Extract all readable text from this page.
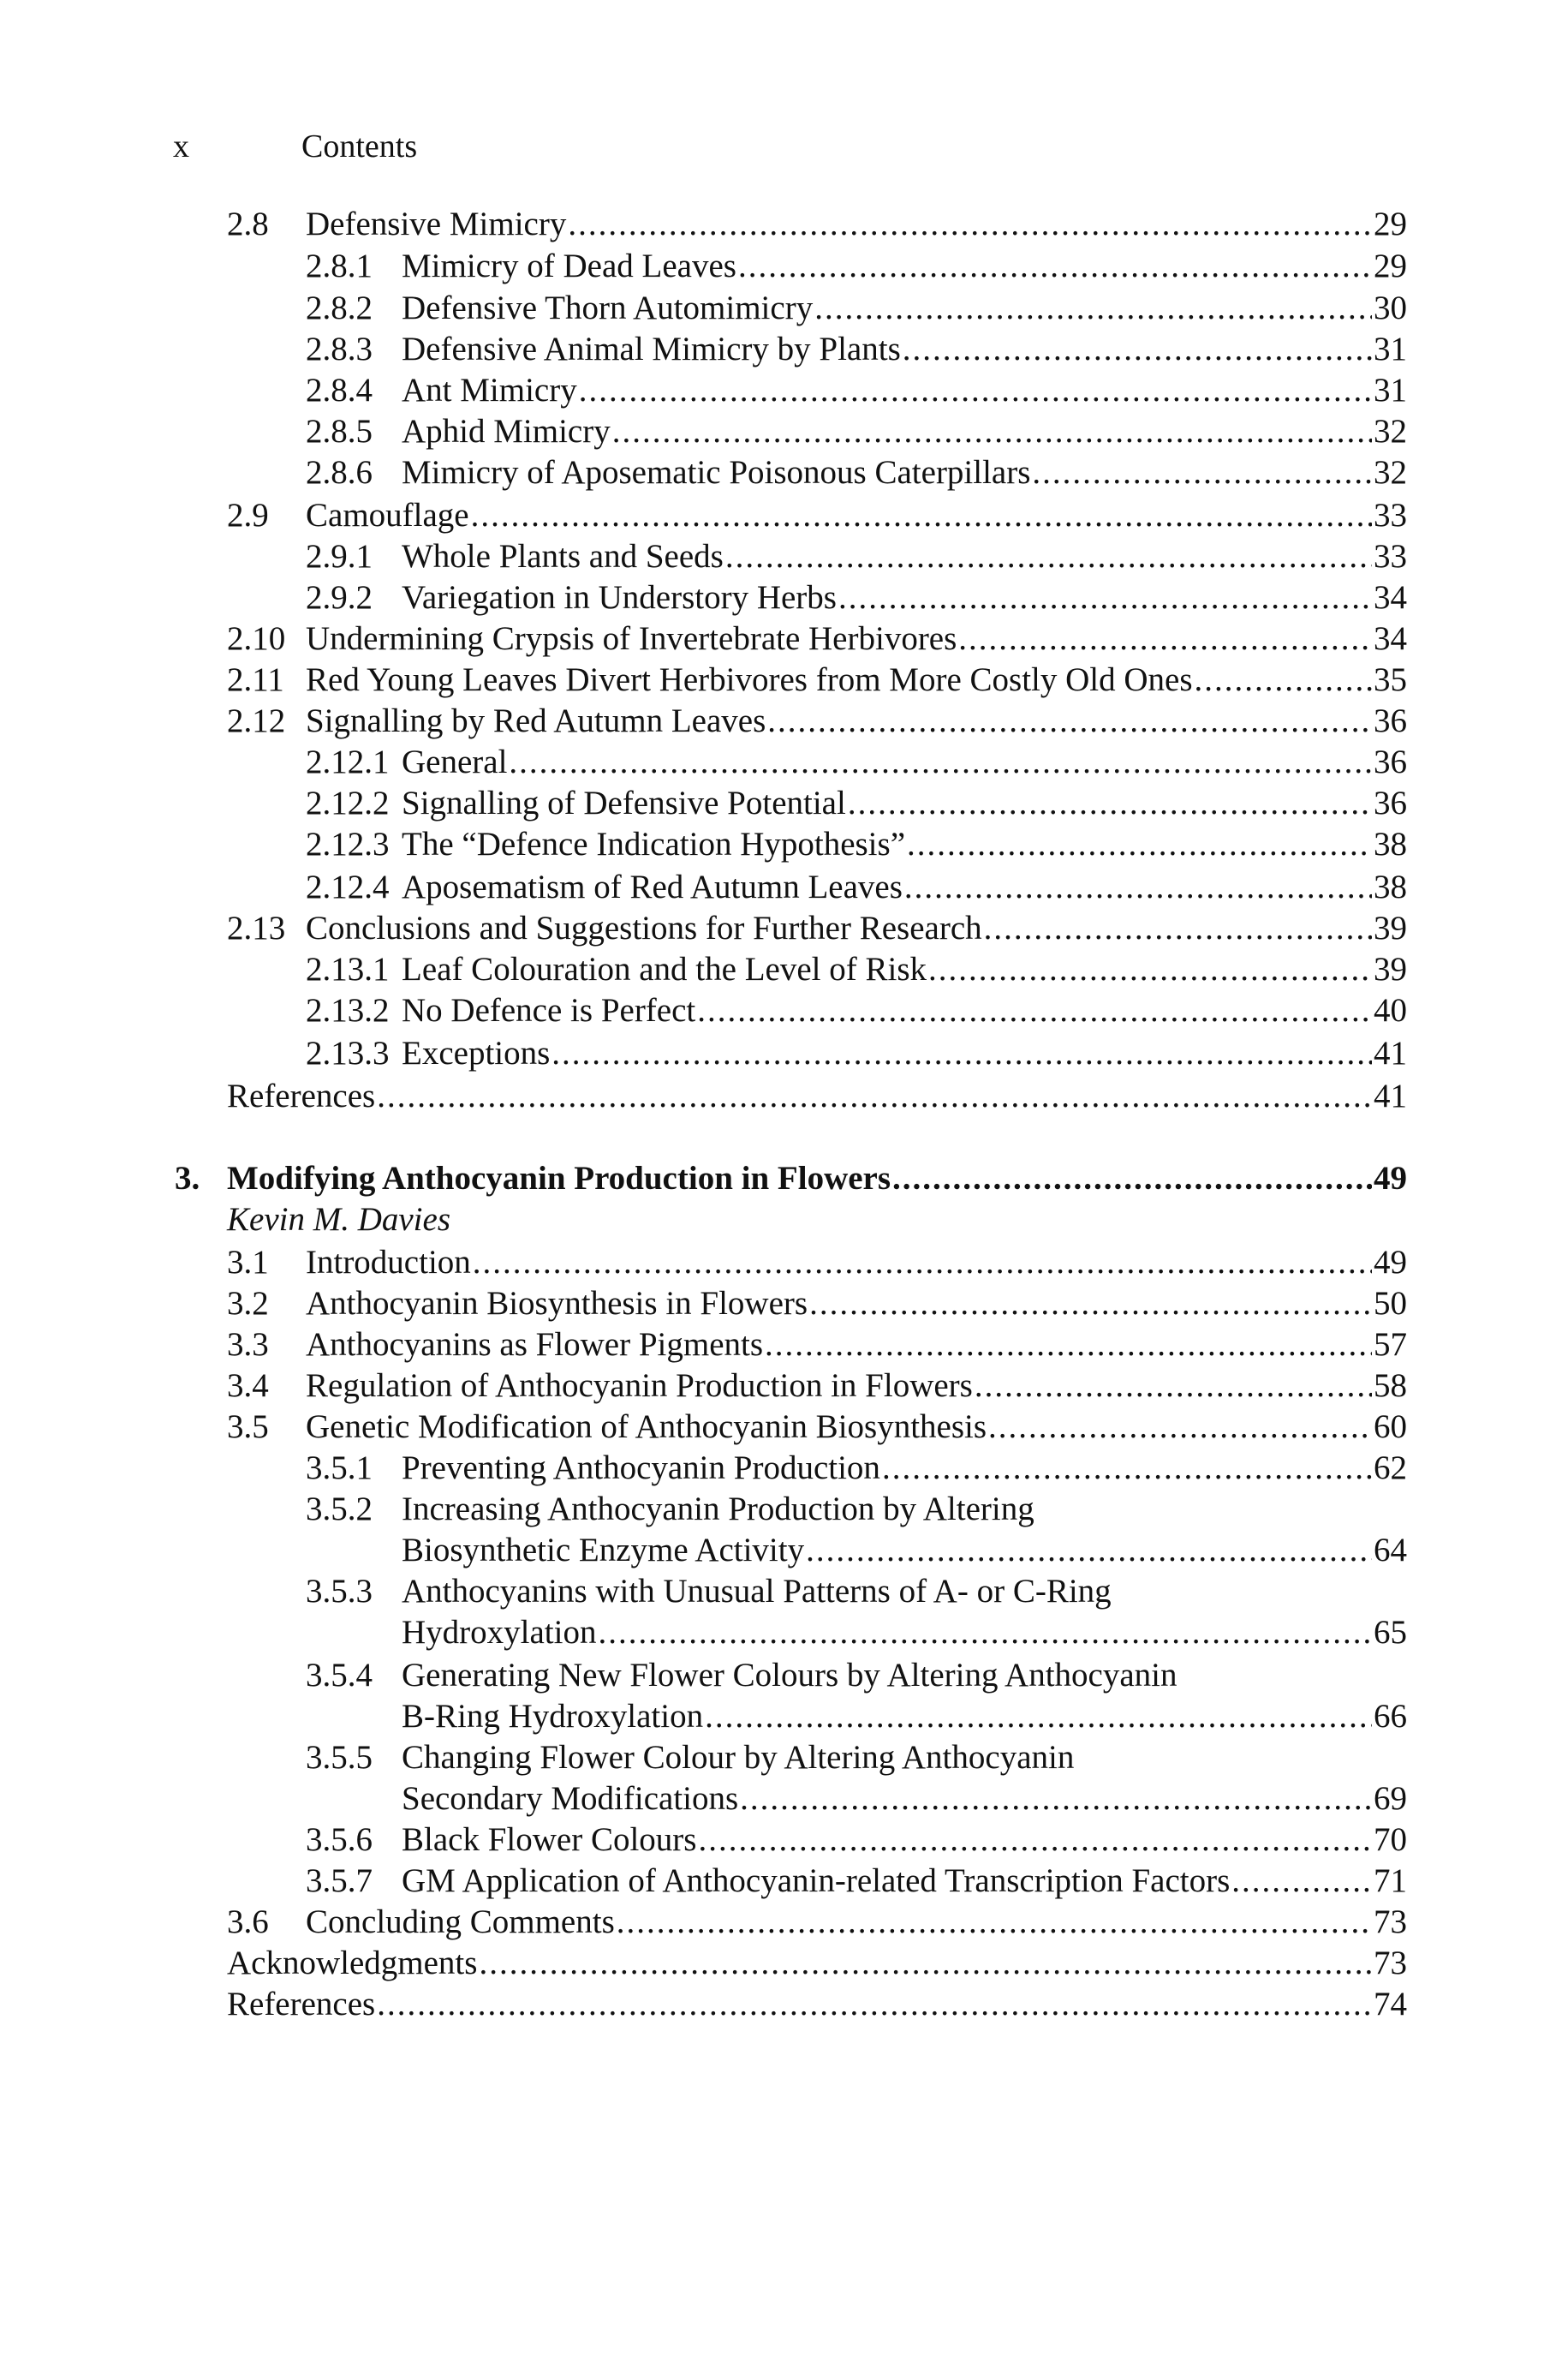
x	Contents
2.8 Defensive Mimicry .....	29
2.8.1 Mimicry of Dead Leaves .....	29
2.8.2 Defensive Thorn Automimicry .....	30
2.8.3 Defensive Animal Mimicry by Plants .....	31
2.8.4 Ant Mimicry .....	31
2.8.5 Aphid Mimicry .....	32
2.8.6 Mimicry of Aposematic Poisonous Caterpillars .....	32
2.9 Camouflage .....	33
2.9.1 Whole Plants and Seeds .....	33
2.9.2 Variegation in Understory Herbs .....	34
2.10 Undermining Crypsis of Invertebrate Herbivores .....	34
2.11 Red Young Leaves Divert Herbivores from More Costly Old Ones .....	35
2.12 Signalling by Red Autumn Leaves .....	36
2.12.1 General .....	36
2.12.2 Signalling of Defensive Potential .....	36
2.12.3 The “Defence Indication Hypothesis” .....	38
2.12.4 Aposematism of Red Autumn Leaves .....	38
2.13 Conclusions and Suggestions for Further Research .....	39
2.13.1 Leaf Colouration and the Level of Risk .....	39
2.13.2 No Defence is Perfect .....	40
2.13.3 Exceptions .....	41
References .....	41
3. Modifying Anthocyanin Production in Flowers .....	49
Kevin M. Davies
3.1 Introduction .....	49
3.2 Anthocyanin Biosynthesis in Flowers .....	50
3.3 Anthocyanins as Flower Pigments .....	57
3.4 Regulation of Anthocyanin Production in Flowers .....	58
3.5 Genetic Modification of Anthocyanin Biosynthesis .....	60
3.5.1 Preventing Anthocyanin Production .....	62
3.5.2 Increasing Anthocyanin Production by Altering
Biosynthetic Enzyme Activity .....	64
3.5.3 Anthocyanins with Unusual Patterns of A- or C-Ring
Hydroxylation .....	65
3.5.4 Generating New Flower Colours by Altering Anthocyanin
B-Ring Hydroxylation .....	66
3.5.5 Changing Flower Colour by Altering Anthocyanin
Secondary Modifications .....	69
3.5.6 Black Flower Colours .....	70
3.5.7 GM Application of Anthocyanin-related Transcription Factors .....	71
3.6 Concluding Comments .....	73
Acknowledgments .....	73
References .....	74
